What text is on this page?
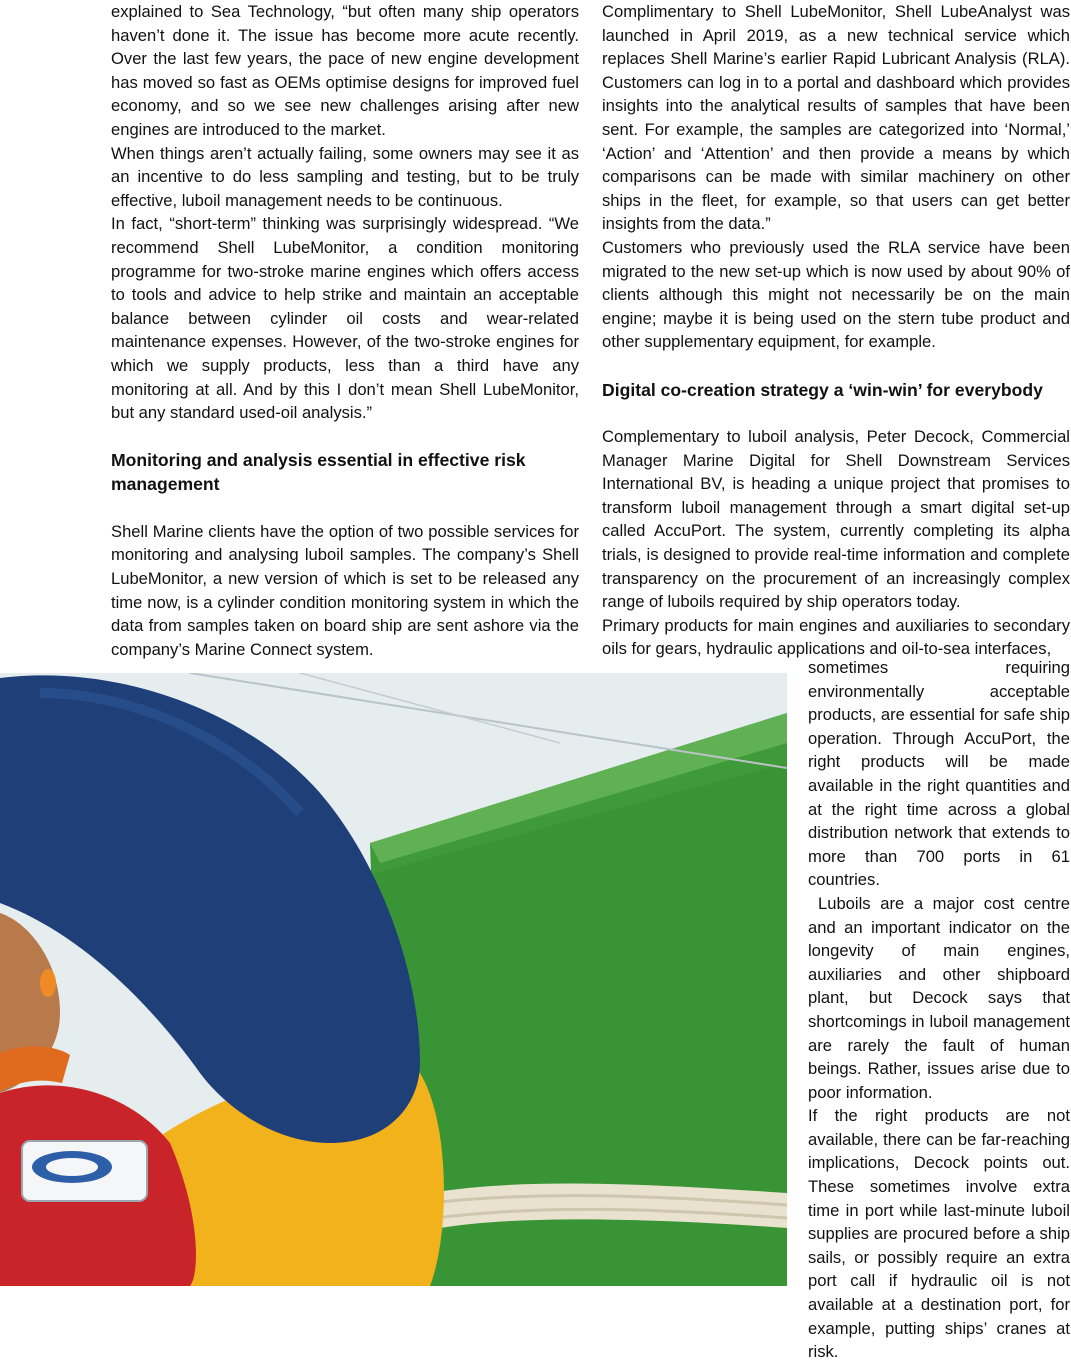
explained to Sea Technology, “but often many ship operators haven’t done it. The issue has become more acute recently. Over the last few years, the pace of new engine development has moved so fast as OEMs optimise designs for improved fuel economy, and so we see new challenges arising after new engines are introduced to the market.

When things aren’t actually failing, some owners may see it as an incentive to do less sampling and testing, but to be truly effective, luboil management needs to be continuous.

In fact, “short-term” thinking was surprisingly widespread. “We recommend Shell LubeMonitor, a condition monitoring programme for two-stroke marine engines which offers access to tools and advice to help strike and maintain an acceptable balance between cylinder oil costs and wear-related maintenance expenses. However, of the two-stroke engines for which we supply products, less than a third have any monitoring at all. And by this I don’t mean Shell LubeMonitor, but any standard used-oil analysis.”

Monitoring and analysis essential in effective risk management

Shell Marine clients have the option of two possible services for monitoring and analysing luboil samples. The company’s Shell LubeMonitor, a new version of which is set to be released any time now, is a cylinder condition monitoring system in which the data from samples taken on board ship are sent ashore via the company’s Marine Connect system.

Complimentary to Shell LubeMonitor, Shell LubeAnalyst was launched in April 2019, as a new technical service which replaces Shell Marine’s earlier Rapid Lubricant Analysis (RLA). Customers can log in to a portal and dashboard which provides insights into the analytical results of samples that have been sent. For example, the samples are categorized into ‘Normal,’ ‘Action’ and ‘Attention’ and then provide a means by which comparisons can be made with similar machinery on other ships in the fleet, for example, so that users can get better insights from the data.”

Customers who previously used the RLA service have been migrated to the new set-up which is now used by about 90% of clients although this might not necessarily be on the main engine; maybe it is being used on the stern tube product and other supplementary equipment, for example.

Digital co-creation strategy a ‘win-win’ for everybody

Complementary to luboil analysis, Peter Decock, Commercial Manager Marine Digital for Shell Downstream Services International BV, is heading a unique project that promises to transform luboil management through a smart digital set-up called AccuPort. The system, currently completing its alpha trials, is designed to provide real-time information and complete transparency on the procurement of an increasingly complex range of luboils required by ship operators today.

Primary products for main engines and auxiliaries to secondary oils for gears, hydraulic applications and oil-to-sea interfaces,

sometimes requiring environmentally acceptable products, are essential for safe ship operation. Through AccuPort, the right products will be made available in the right quantities and at the right time across a global distribution network that extends to more than 700 ports in 61 countries.

Luboils are a major cost centre and an important indicator on the longevity of main engines, auxiliaries and other shipboard plant, but Decock says that shortcomings in luboil management are rarely the fault of human beings. Rather, issues arise due to poor information.

If the right products are not available, there can be far-reaching implications, Decock points out. These sometimes involve extra time in port while last-minute luboil supplies are procured before a ship sails, or possibly require an extra port call if hydraulic oil is not available at a destination port, for example, putting ships’ cranes at risk.
